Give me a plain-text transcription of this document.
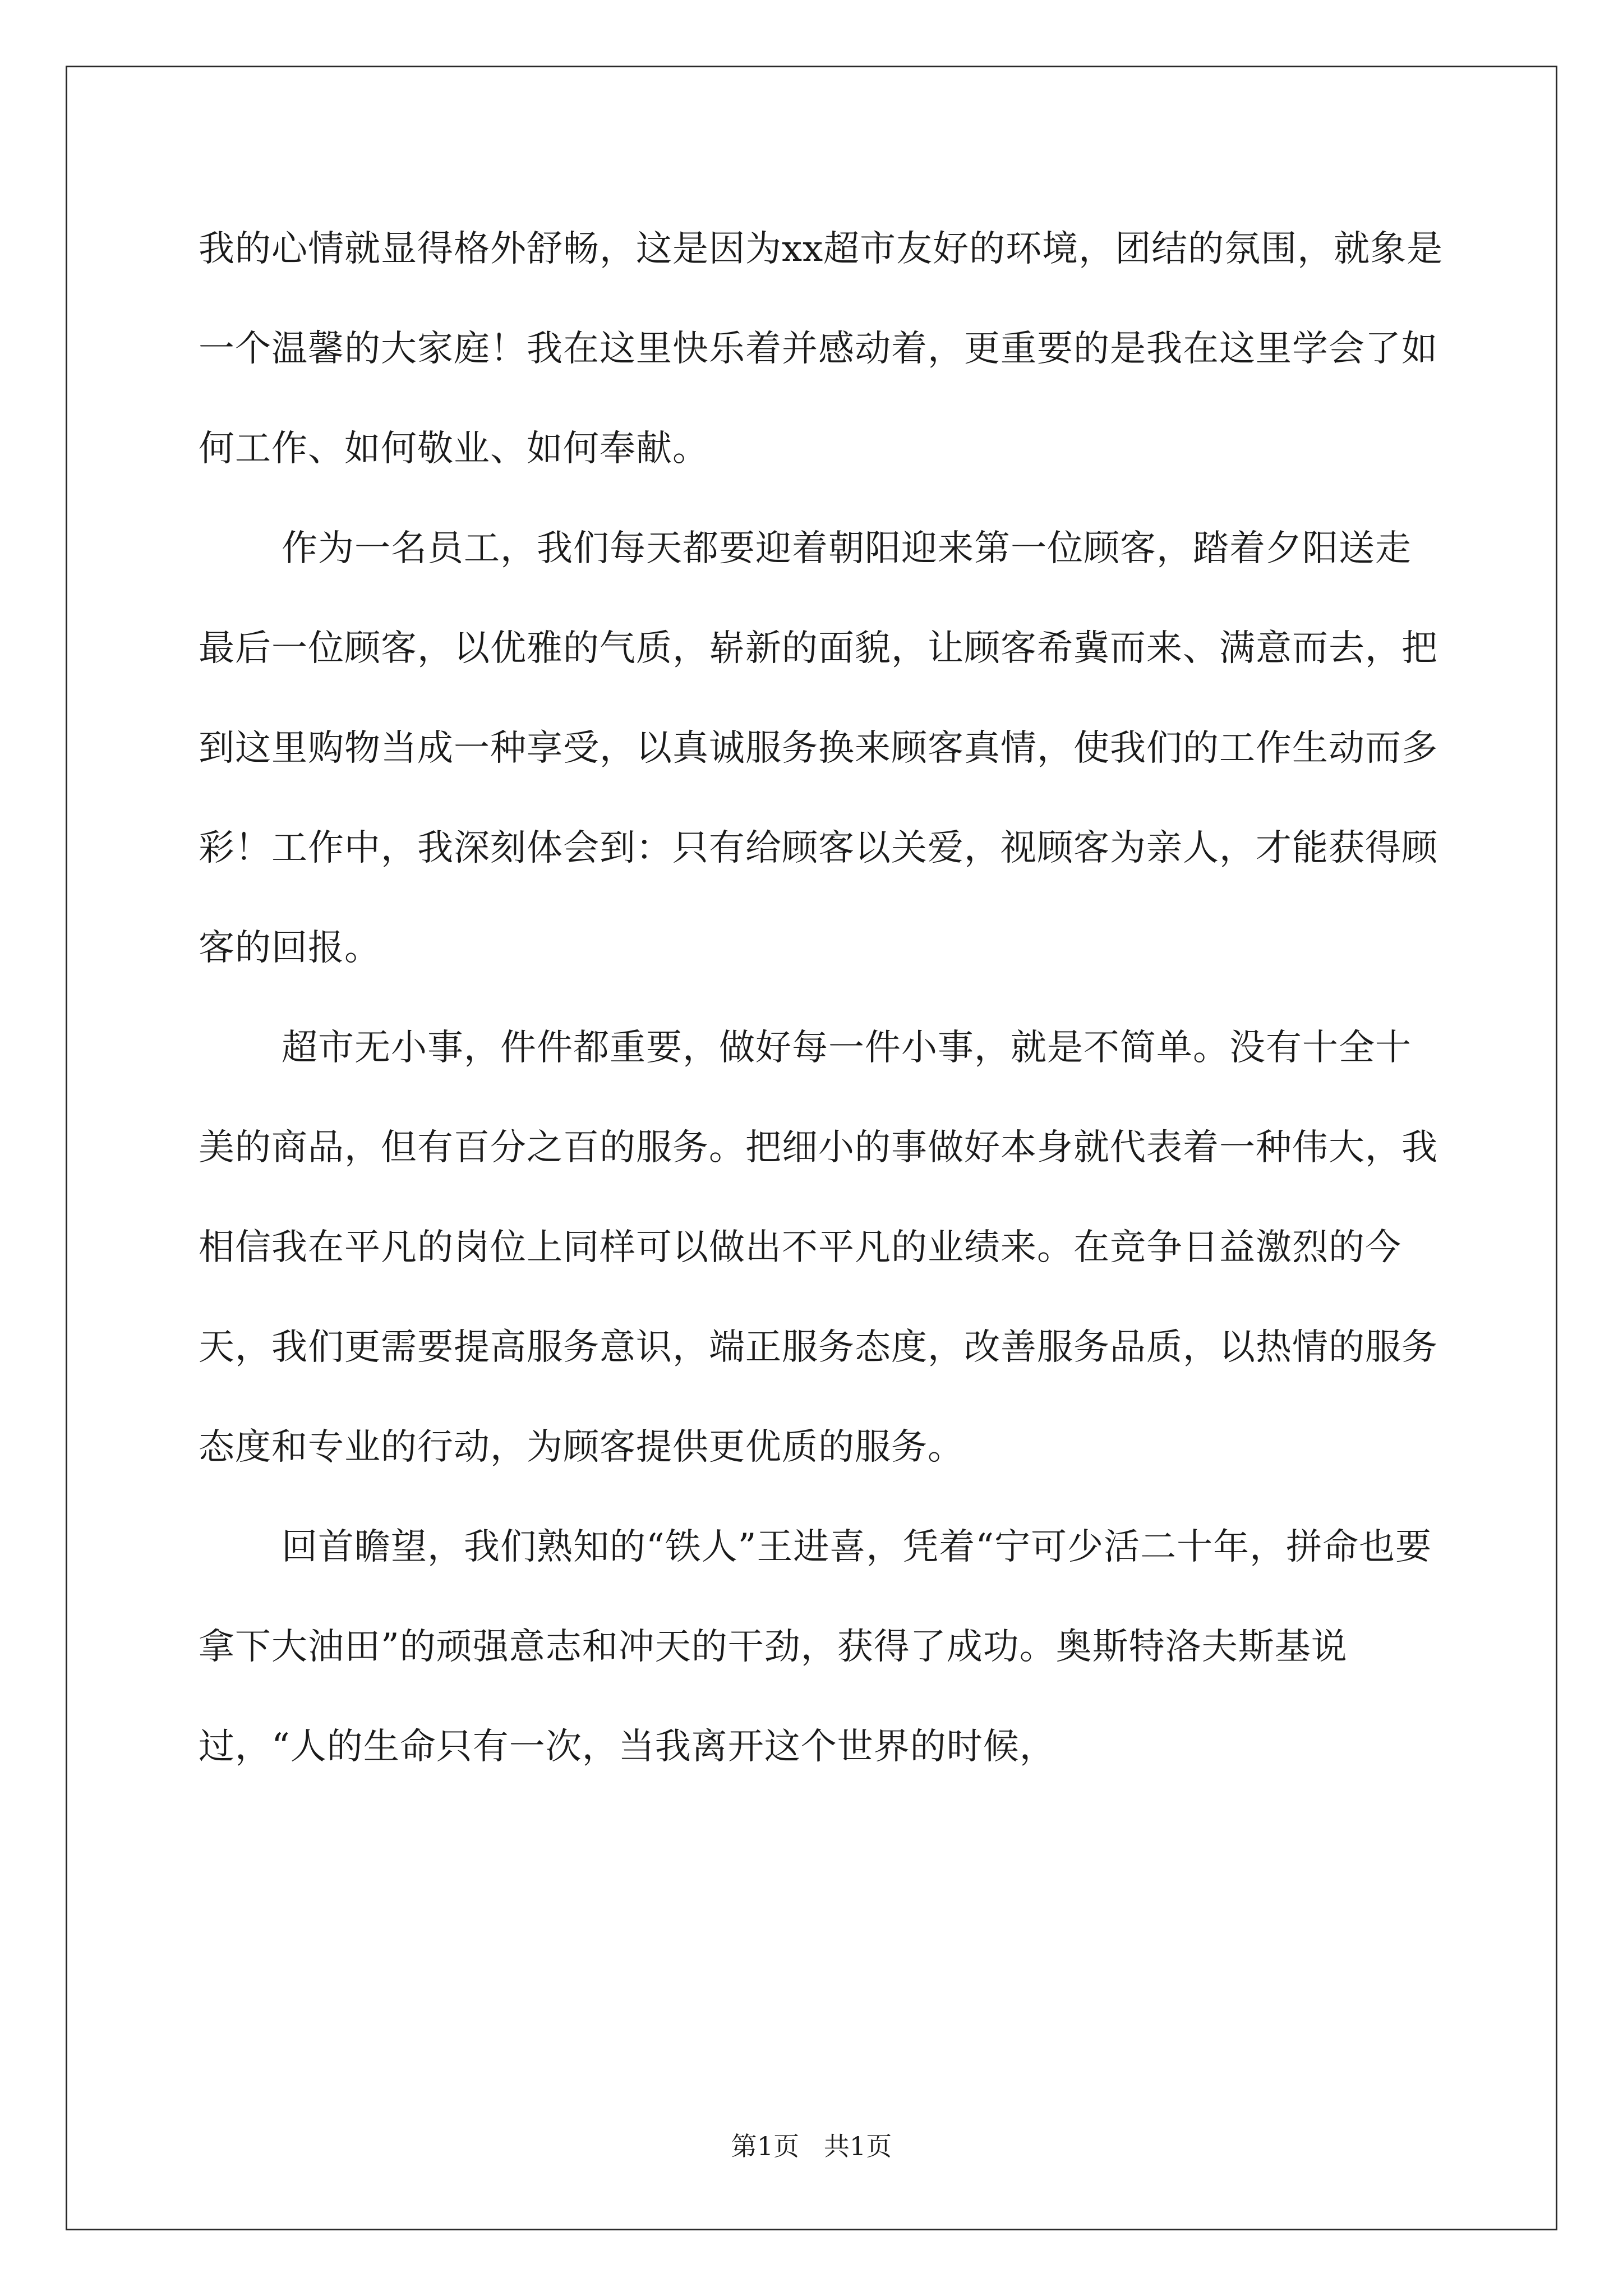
我的心情就显得格外舒畅，这是因为xx超市友好的环境，团结的氛围，就象是一个温馨的大家庭！我在这里快乐着并感动着，更重要的是我在这里学会了如何工作、如何敬业、如何奉献。

作为一名员工，我们每天都要迎着朝阳迎来第一位顾客，踏着夕阳送走最后一位顾客，以优雅的气质，崭新的面貌，让顾客希冀而来、满意而去，把到这里购物当成一种享受，以真诚服务换来顾客真情，使我们的工作生动而多彩！工作中，我深刻体会到：只有给顾客以关爱，视顾客为亲人，才能获得顾客的回报。

超市无小事，件件都重要，做好每一件小事，就是不简单。没有十全十美的商品，但有百分之百的服务。把细小的事做好本身就代表着一种伟大，我相信我在平凡的岗位上同样可以做出不平凡的业绩来。在竞争日益激烈的今天，我们更需要提高服务意识，端正服务态度，改善服务品质，以热情的服务态度和专业的行动，为顾客提供更优质的服务。

回首瞻望，我们熟知的“铁人”王进喜，凭着“宁可少活二十年，拼命也要拿下大油田”的顽强意志和冲天的干劲，获得了成功。奥斯特洛夫斯基说过，“人的生命只有一次，当我离开这个世界的时候，

第1页   共1页
